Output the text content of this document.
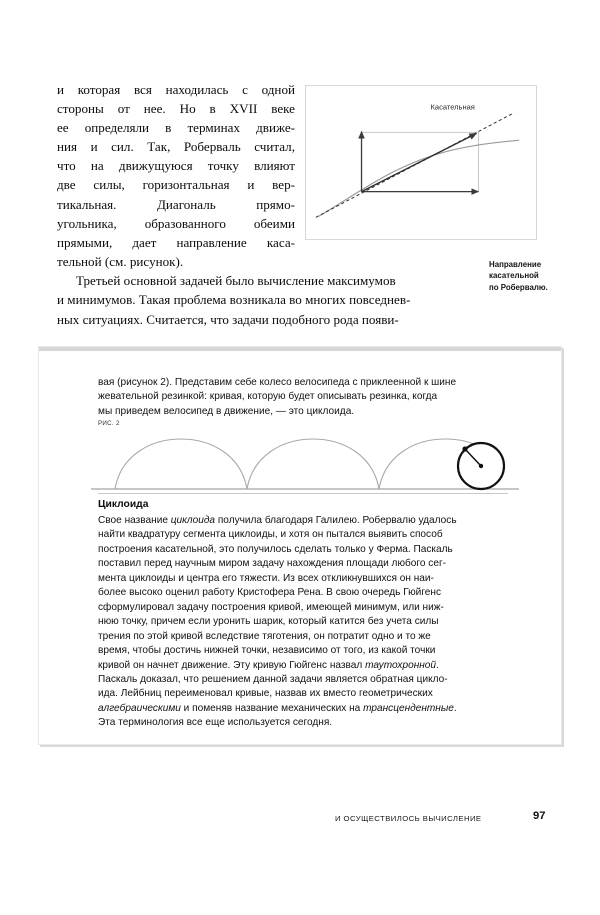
и которая вся находилась с одной
стороны от нее. Но в XVII веке
ее определяли в терминах движе-
ния и сил. Так, Роберваль считал,
что на движущуюся точку влияют
две силы, горизонтальная и вер-
тикальная. Диагональ прямо-
угольника, образованного обеими
прямыми, дает направление каса-
тельной (см. рисунок).
Третьей основной задачей было вычисление максимумов
и минимумов. Такая проблема возникала во многих повседнев-
ных ситуациях. Считается, что задачи подобного рода появи-
Касательная
Направление
касательной
по Робервалю.
вая (рисунок 2). Представим себе колесо велосипеда с приклеенной к шине
жевательной резинкой: кривая, которую будет описывать резинка, когда
мы приведем велосипед в движение, — это циклоида.
РИС. 2
Циклоида
Свое название циклоида получила благодаря Галилею. Робервалю удалось
найти квадратуру сегмента циклоиды, и хотя он пытался выявить способ
построения касательной, это получилось сделать только у Ферма. Паскаль
поставил перед научным миром задачу нахождения площади любого сег-
мента циклоиды и центра его тяжести. Из всех откликнувшихся он наи-
более высоко оценил работу Кристофера Рена. В свою очередь Гюйгенс
сформулировал задачу построения кривой, имеющей минимум, или ниж-
нюю точку, причем если уронить шарик, который катится без учета силы
трения по этой кривой вследствие тяготения, он потратит одно и то же
время, чтобы достичь нижней точки, независимо от того, из какой точки
кривой он начнет движение. Эту кривую Гюйгенс назвал таутохронной.
Паскаль доказал, что решением данной задачи является обратная цикло-
ида. Лейбниц переименовал кривые, назвав их вместо геометрических
алгебраическими и поменяв название механических на трансцендентные.
Эта терминология все еще используется сегодня.
И ОСУЩЕСТВИЛОСЬ ВЫЧИСЛЕНИЕ	97
